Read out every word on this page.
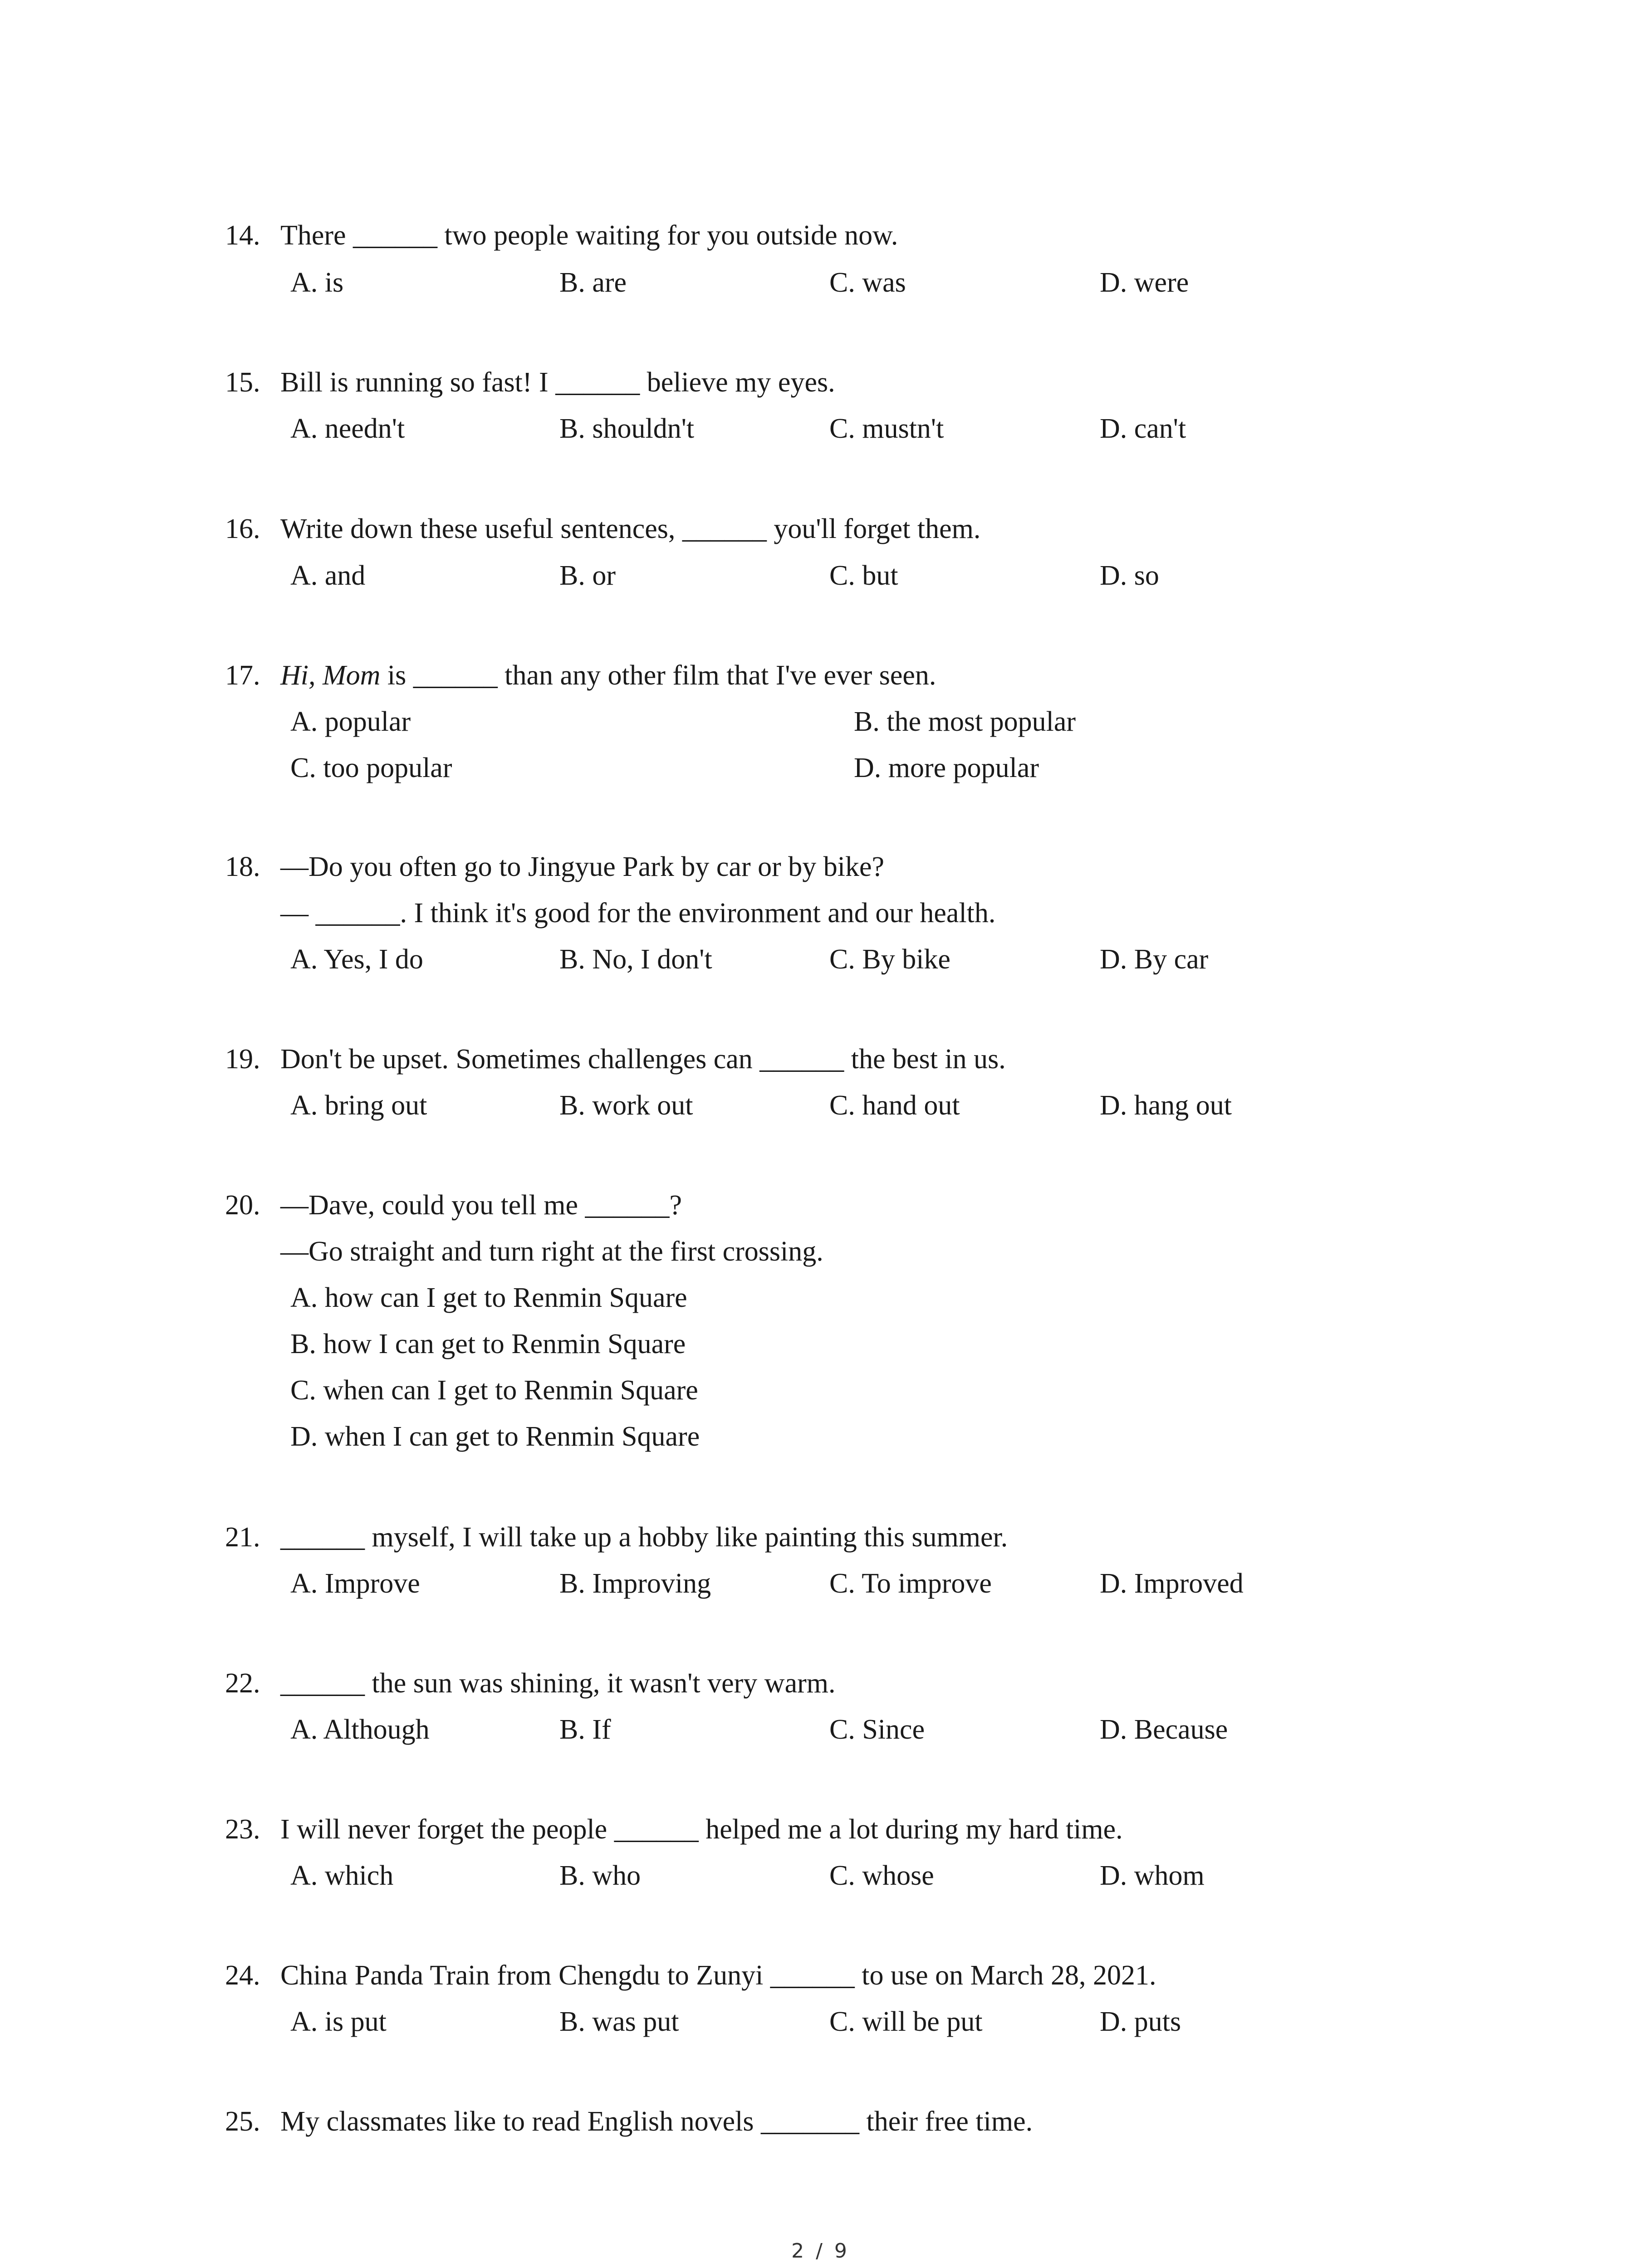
14. There ______ two people waiting for you outside now.
A. is	B. are	C. was	D. were
15. Bill is running so fast! I ______ believe my eyes.
A. needn't	B. shouldn't	C. mustn't	D. can't
16. Write down these useful sentences, ______ you'll forget them.
A. and	B. or	C. but	D. so
17. Hi, Mom is ______ than any other film that I've ever seen.
A. popular	B. the most popular
C. too popular	D. more popular
18. —Do you often go to Jingyue Park by car or by bike?
— ______. I think it's good for the environment and our health.
A. Yes, I do	B. No, I don't	C. By bike	D. By car
19. Don't be upset. Sometimes challenges can ______ the best in us.
A. bring out	B. work out	C. hand out	D. hang out
20. —Dave, could you tell me ______?
—Go straight and turn right at the first crossing.
A. how can I get to Renmin Square
B. how I can get to Renmin Square
C. when can I get to Renmin Square
D. when I can get to Renmin Square
21. ______ myself, I will take up a hobby like painting this summer.
A. Improve	B. Improving	C. To improve	D. Improved
22. ______ the sun was shining, it wasn't very warm.
A. Although	B. If	C. Since	D. Because
23. I will never forget the people ______ helped me a lot during my hard time.
A. which	B. who	C. whose	D. whom
24. China Panda Train from Chengdu to Zunyi ______ to use on March 28, 2021.
A. is put	B. was put	C. will be put	D. puts
25. My classmates like to read English novels _______ their free time.
2 / 9
